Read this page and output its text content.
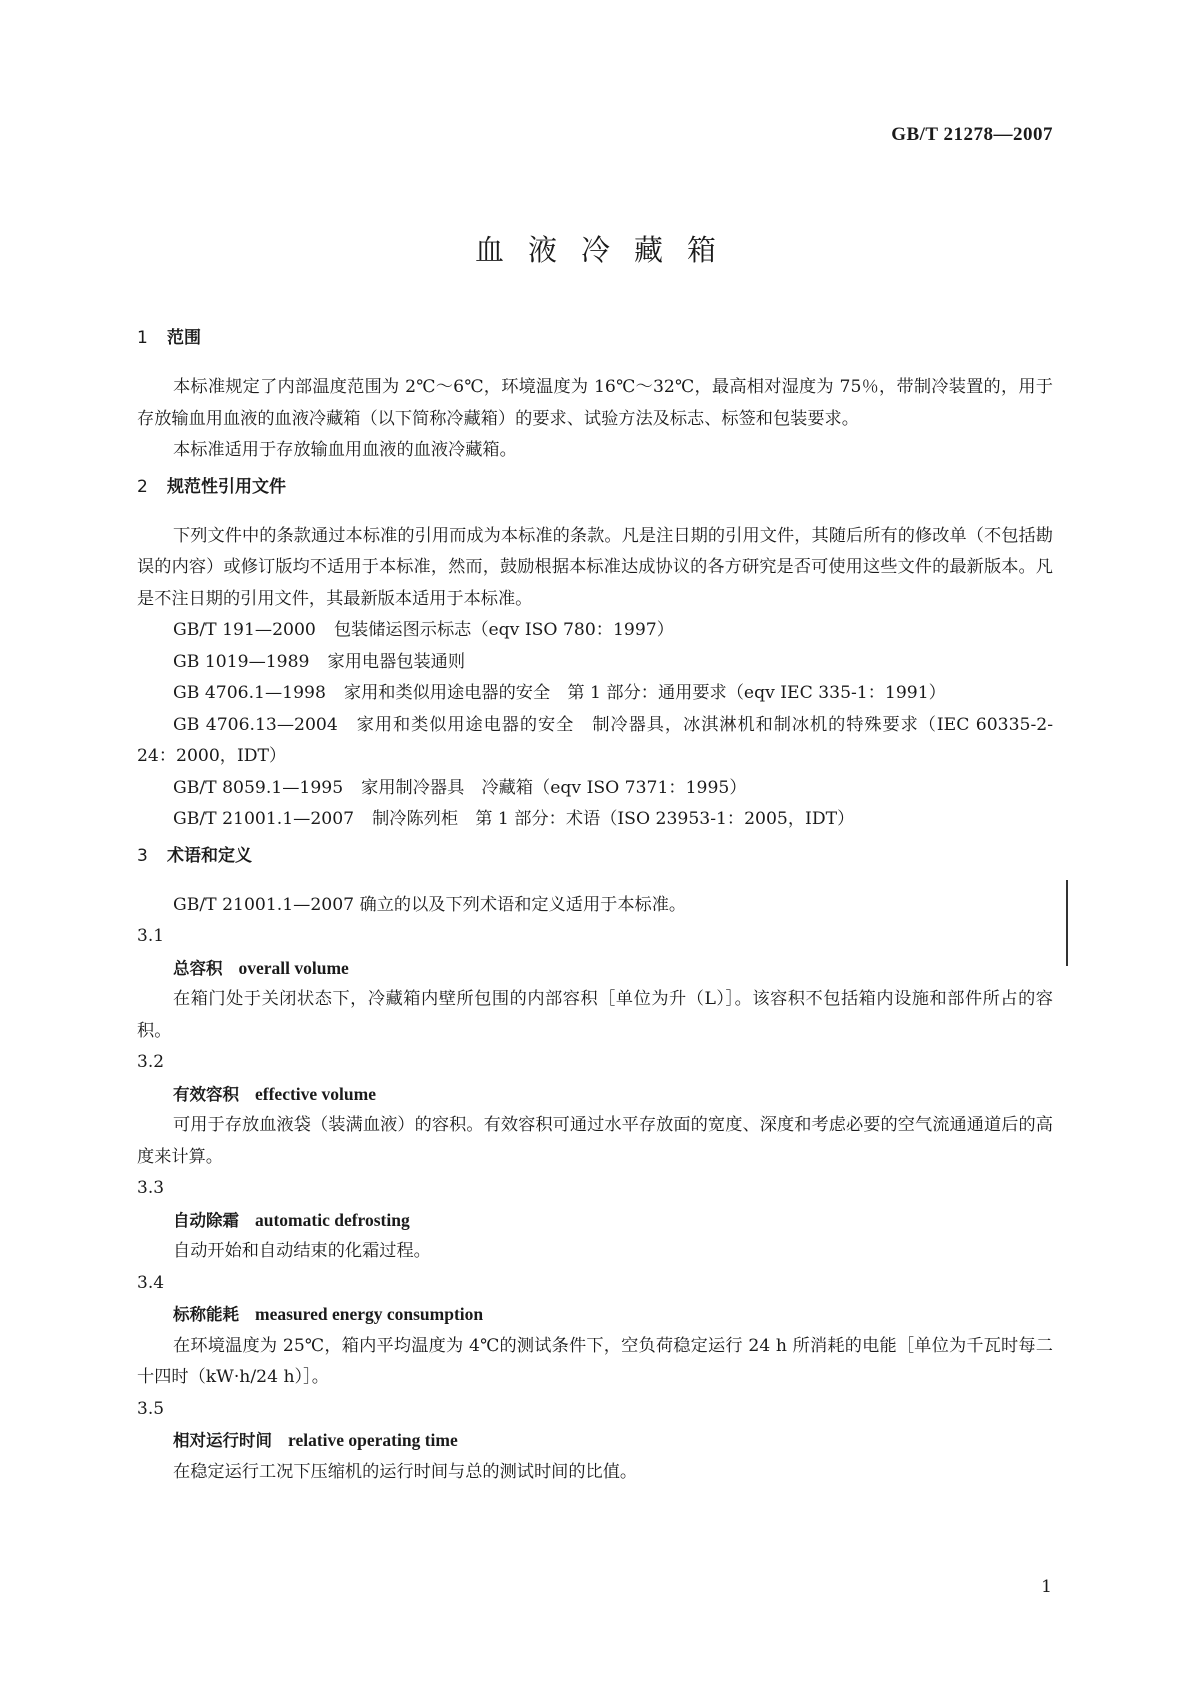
GB/T 21278—2007
血液冷藏箱
1 范围

本标准规定了内部温度范围为 2℃～6℃，环境温度为 16℃～32℃，最高相对湿度为 75％，带制冷装置的，用于存放输血用血液的血液冷藏箱（以下简称冷藏箱）的要求、试验方法及标志、标签和包装要求。

本标准适用于存放输血用血液的血液冷藏箱。

2 规范性引用文件

下列文件中的条款通过本标准的引用而成为本标准的条款。凡是注日期的引用文件，其随后所有的修改单（不包括勘误的内容）或修订版均不适用于本标准，然而，鼓励根据本标准达成协议的各方研究是否可使用这些文件的最新版本。凡是不注日期的引用文件，其最新版本适用于本标准。

GB/T 191—2000 包装储运图示标志（eqv ISO 780：1997）

GB 1019—1989 家用电器包装通则

GB 4706.1—1998 家用和类似用途电器的安全　第 1 部分：通用要求（eqv IEC 335-1：1991）

GB 4706.13—2004 家用和类似用途电器的安全　制冷器具，冰淇淋机和制冰机的特殊要求（IEC 60335-2-24：2000，IDT）

GB/T 8059.1—1995 家用制冷器具　冷藏箱（eqv ISO 7371：1995）

GB/T 21001.1—2007 制冷陈列柜　第 1 部分：术语（ISO 23953-1：2005，IDT）

3 术语和定义

GB/T 21001.1—2007 确立的以及下列术语和定义适用于本标准。

3.1
总容积 overall volume

在箱门处于关闭状态下，冷藏箱内壁所包围的内部容积［单位为升（L）］。该容积不包括箱内设施和部件所占的容积。

3.2
有效容积 effective volume

可用于存放血液袋（装满血液）的容积。有效容积可通过水平存放面的宽度、深度和考虑必要的空气流通通道后的高度来计算。

3.3
自动除霜 automatic defrosting

自动开始和自动结束的化霜过程。

3.4
标称能耗 measured energy consumption

在环境温度为 25℃，箱内平均温度为 4℃的测试条件下，空负荷稳定运行 24 h 所消耗的电能［单位为千瓦时每二十四时（kW·h/24 h）］。

3.5
相对运行时间 relative operating time

在稳定运行工况下压缩机的运行时间与总的测试时间的比值。

1
